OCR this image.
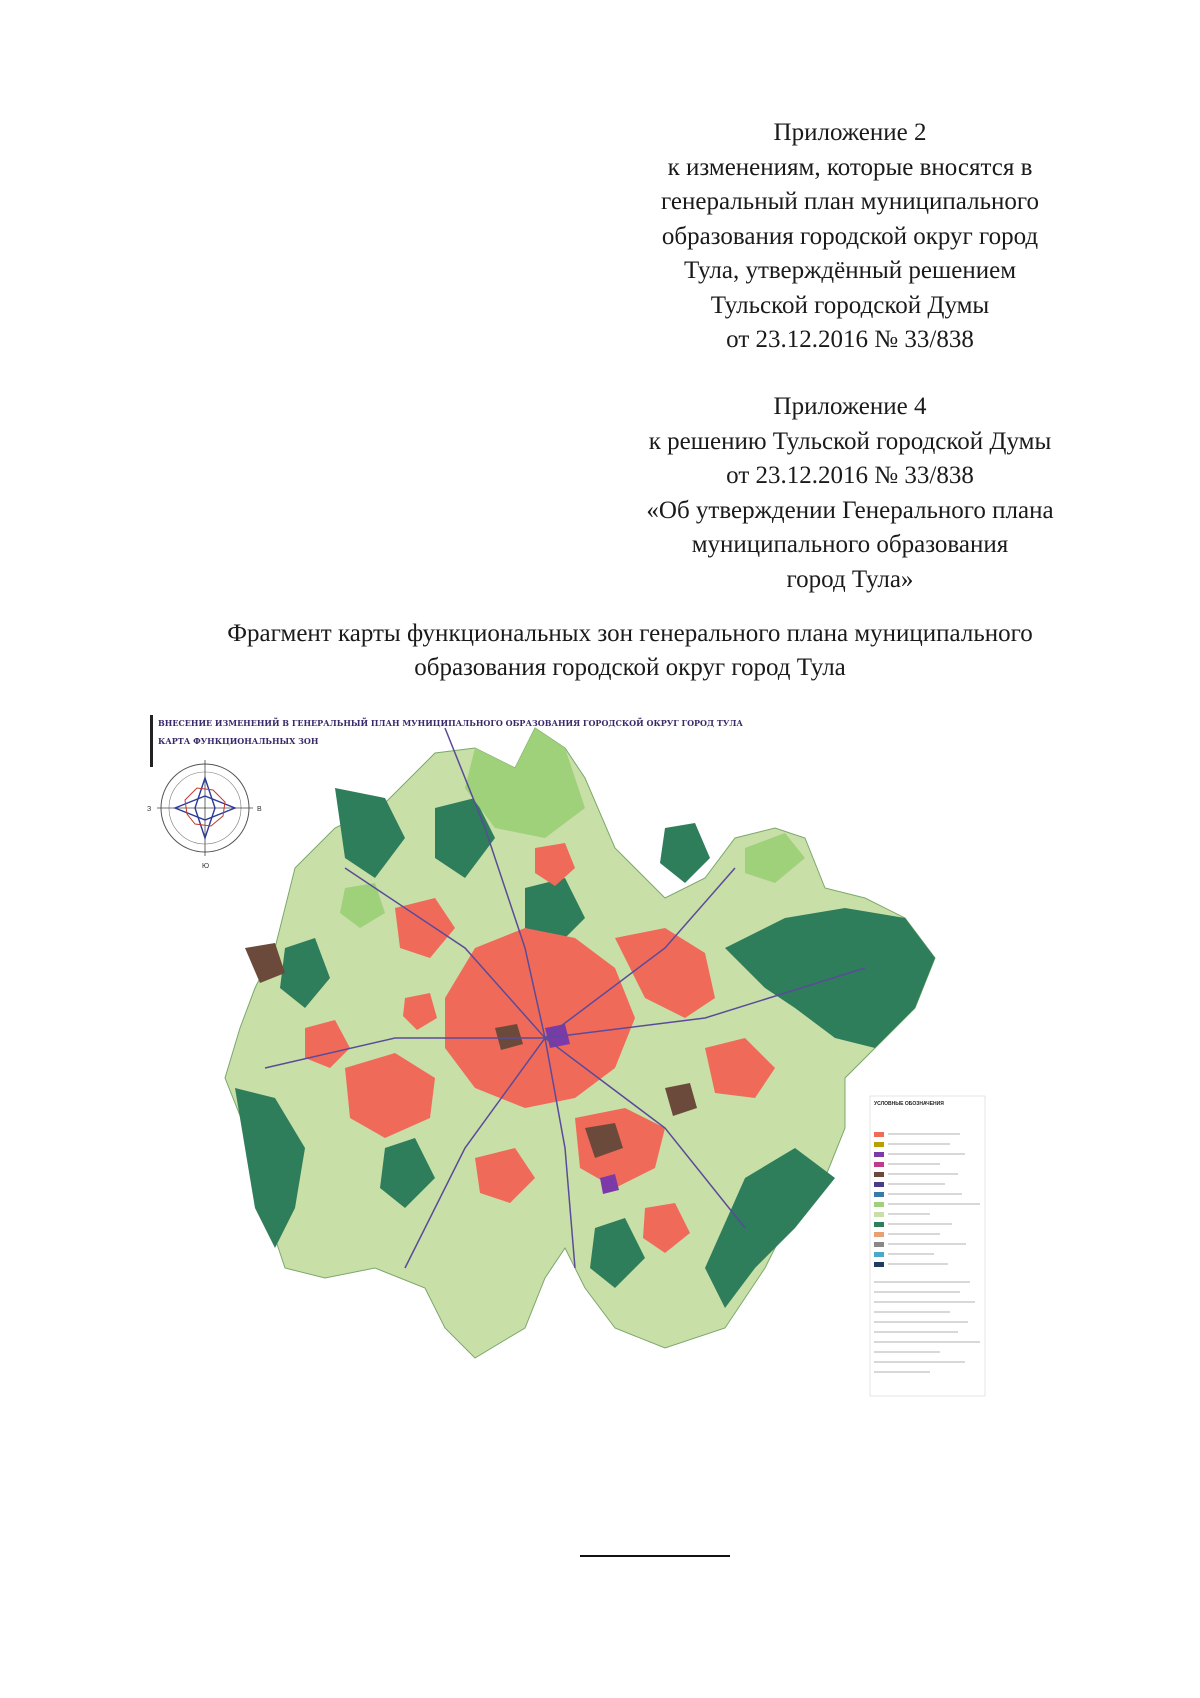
Приложение 2
к изменениям, которые вносятся в
генеральный план муниципального
образования городской округ город
Тула, утверждённый решением
Тульской городской Думы
от 23.12.2016 № 33/838
Приложение 4
к решению Тульской городской Думы
от 23.12.2016 № 33/838
«Об утверждении Генерального плана
муниципального образования
город Тула»
Фрагмент карты функциональных зон генерального плана муниципального
образования городской округ город Тула
ВНЕСЕНИЕ ИЗМЕНЕНИЙ В ГЕНЕРАЛЬНЫЙ ПЛАН МУНИЦИПАЛЬНОГО ОБРАЗОВАНИЯ ГОРОДСКОЙ ОКРУГ ГОРОД ТУЛА
КАРТА ФУНКЦИОНАЛЬНЫХ ЗОН
З	В
Ю
УСЛОВНЫЕ ОБОЗНАЧЕНИЯ
